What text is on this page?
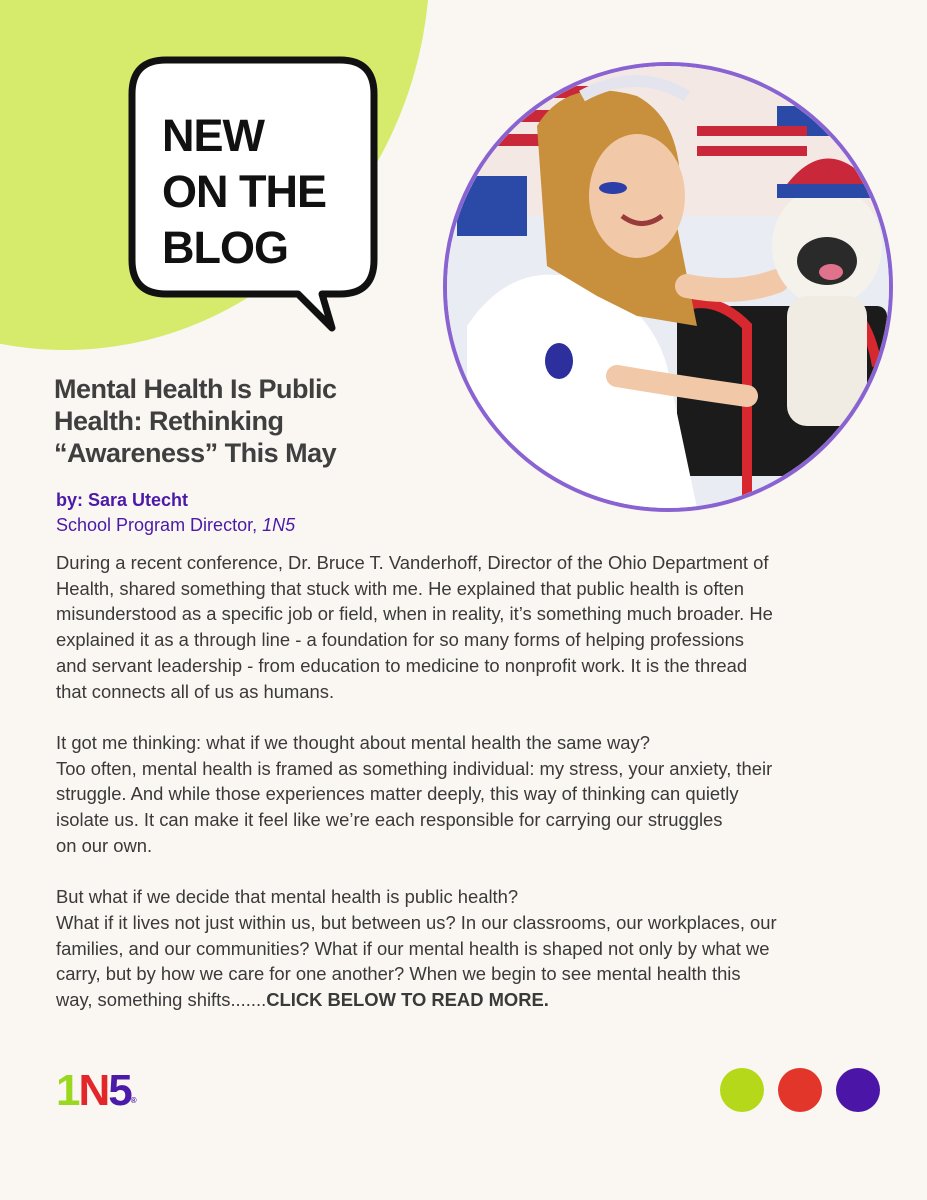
NEW
ON THE
BLOG
Mental Health Is Public
Health: Rethinking
“Awareness” This May
by: Sara Utecht
School Program Director, 1N5
During a recent conference, Dr. Bruce T. Vanderhoff, Director of the Ohio Department of
Health, shared something that stuck with me. He explained that public health is often
misunderstood as a specific job or field, when in reality, it’s something much broader. He
explained it as a through line - a foundation for so many forms of helping professions
and servant leadership - from education to medicine to nonprofit work. It is the thread
that connects all of us as humans.
It got me thinking: what if we thought about mental health the same way?
Too often, mental health is framed as something individual: my stress, your anxiety, their
struggle. And while those experiences matter deeply, this way of thinking can quietly
isolate us. It can make it feel like we’re each responsible for carrying our struggles
on our own.
But what if we decide that mental health is public health?
What if it lives not just within us, but between us? In our classrooms, our workplaces, our
families, and our communities? What if our mental health is shaped not only by what we
carry, but by how we care for one another? When we begin to see mental health this
way, something shifts.......CLICK BELOW TO READ MORE.
1N5®
